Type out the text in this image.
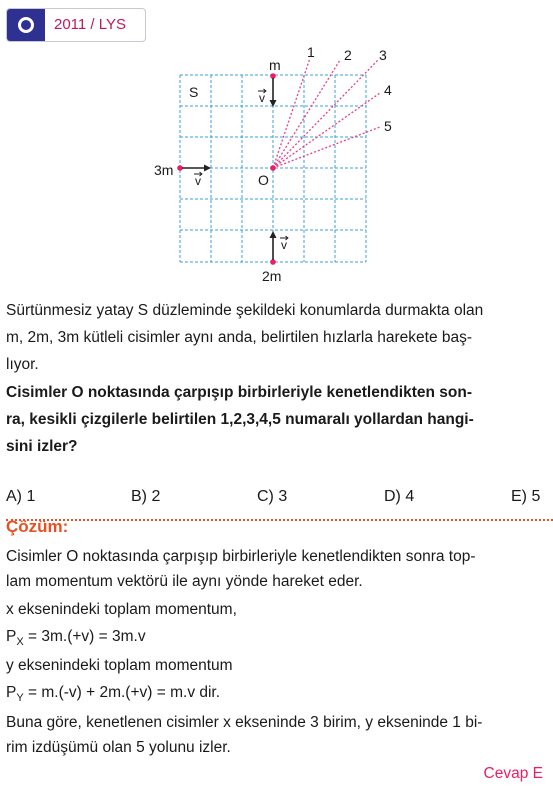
2011 / LYS
1 2 3
4
5
S
O
m
3m
2m
v
v
v
Sürtünmesiz yatay S düzleminde şekildeki konumlarda durmakta olan
m, 2m, 3m kütleli cisimler aynı anda, belirtilen hızlarla harekete baş-
lıyor.
Cisimler O noktasında çarpışıp birbirleriyle kenetlendikten son-
ra, kesikli çizgilerle belirtilen 1,2,3,4,5 numaralı yollardan hangi-
sini izler?
A) 1	B) 2	C) 3	D) 4	E) 5
Çözüm:
Cisimler O noktasında çarpışıp birbirleriyle kenetlendikten sonra top-
lam momentum vektörü ile aynı yönde hareket eder.
x eksenindeki toplam momentum,
$P_X = 3m.(+v) = 3m.v$
y eksenindeki toplam momentum
$P_Y = m.(-v) + 2m.(+v) = m.v$ dir.
Buna göre, kenetlenen cisimler x ekseninde 3 birim, y ekseninde 1 bi-
rim izdüşümü olan 5 yolunu izler.
Cevap E
